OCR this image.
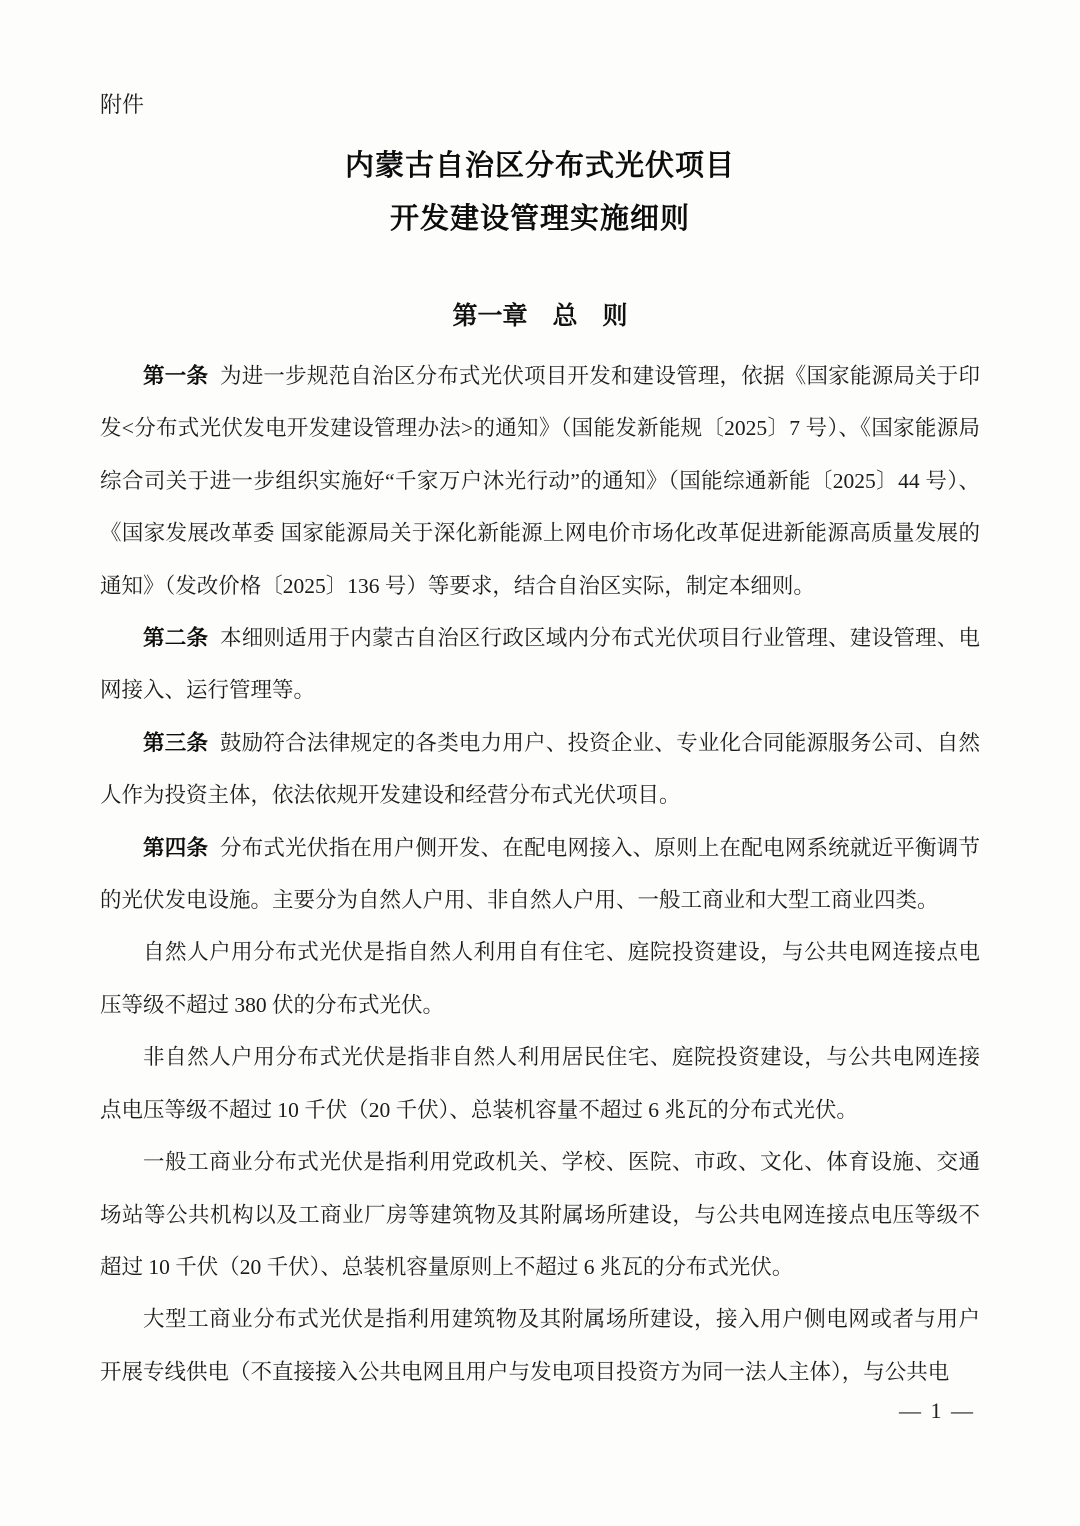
附件
内蒙古自治区分布式光伏项目
开发建设管理实施细则
第一章　总　则

第一条 为进一步规范自治区分布式光伏项目开发和建设管理，依据《国家能源局关于印发<分布式光伏发电开发建设管理办法>的通知》（国能发新能规〔2025〕7 号）、《国家能源局综合司关于进一步组织实施好“千家万户沐光行动”的通知》（国能综通新能〔2025〕44 号）、《国家发展改革委 国家能源局关于深化新能源上网电价市场化改革促进新能源高质量发展的通知》（发改价格〔2025〕136 号）等要求，结合自治区实际，制定本细则。

第二条 本细则适用于内蒙古自治区行政区域内分布式光伏项目行业管理、建设管理、电网接入、运行管理等。

第三条 鼓励符合法律规定的各类电力用户、投资企业、专业化合同能源服务公司、自然人作为投资主体，依法依规开发建设和经营分布式光伏项目。

第四条 分布式光伏指在用户侧开发、在配电网接入、原则上在配电网系统就近平衡调节的光伏发电设施。主要分为自然人户用、非自然人户用、一般工商业和大型工商业四类。

自然人户用分布式光伏是指自然人利用自有住宅、庭院投资建设，与公共电网连接点电压等级不超过 380 伏的分布式光伏。

非自然人户用分布式光伏是指非自然人利用居民住宅、庭院投资建设，与公共电网连接点电压等级不超过 10 千伏（20 千伏）、总装机容量不超过 6 兆瓦的分布式光伏。

一般工商业分布式光伏是指利用党政机关、学校、医院、市政、文化、体育设施、交通场站等公共机构以及工商业厂房等建筑物及其附属场所建设，与公共电网连接点电压等级不超过 10 千伏（20 千伏）、总装机容量原则上不超过 6 兆瓦的分布式光伏。

大型工商业分布式光伏是指利用建筑物及其附属场所建设，接入用户侧电网或者与用户开展专线供电（不直接接入公共电网且用户与发电项目投资方为同一法人主体），与公共电

— 1 —
